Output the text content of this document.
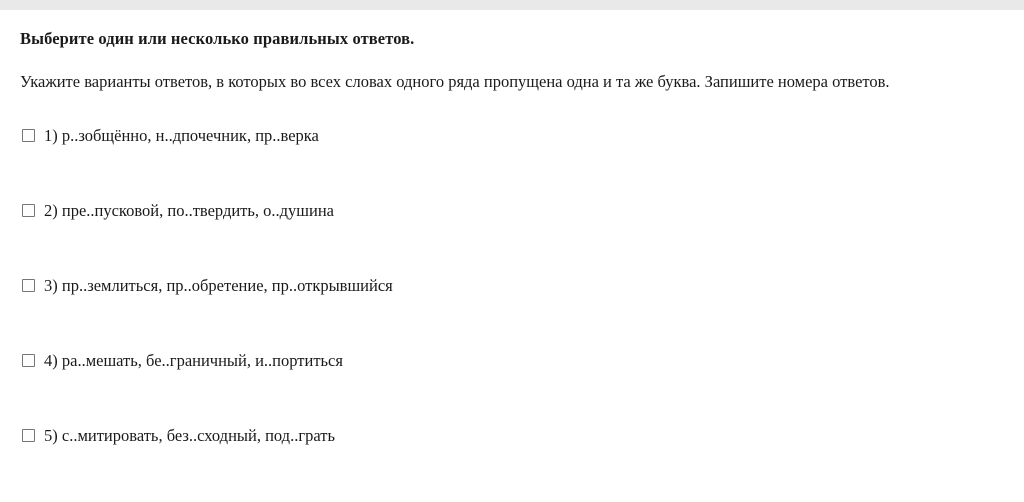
Выберите один или несколько правильных ответов.
Укажите варианты ответов, в которых во всех словах одного ряда пропущена одна и та же буква. Запишите номера ответов.
1) р..зобщённо, н..дпочечник, пр..верка
2) пре..пусковой, по..твердить, о..душина
3) пр..землиться, пр..обретение, пр..открывшийся
4) ра..мешать, бе..граничный, и..портиться
5) с..митировать, без..сходный, под..грать
